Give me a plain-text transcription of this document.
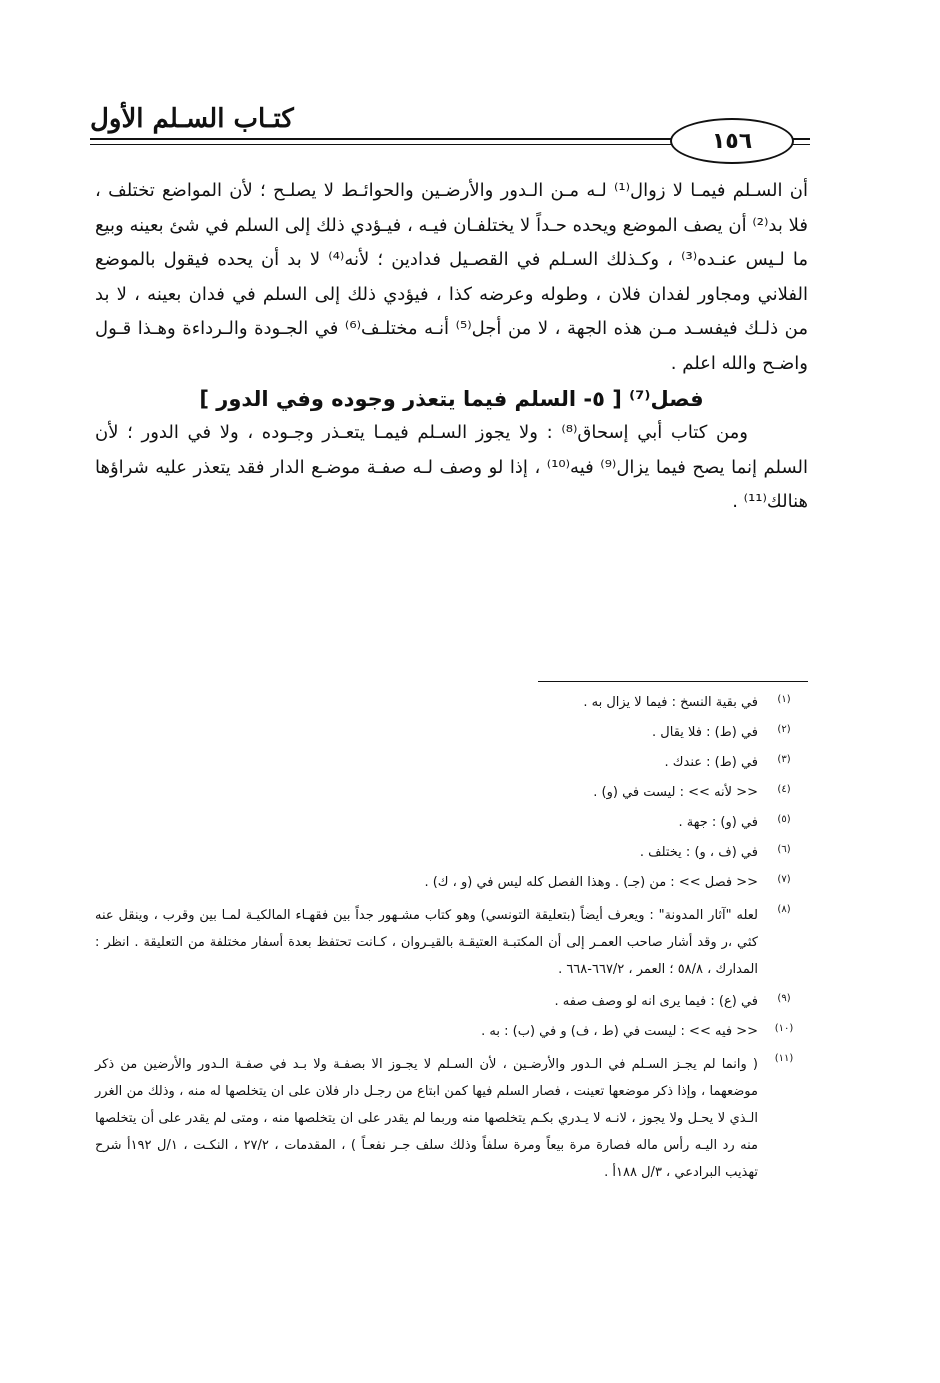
كتـاب السـلم الأول
١٥٦

أن السـلم فيمـا لا زوال⁽¹⁾ لـه مـن الـدور والأرضـين والحوائـط لا يصلـح ؛ لأن المواضع تختلف ، فلا بد⁽²⁾ أن يصف الموضع ويحده حـداً لا يختلفـان فيـه ، فيـؤدي ذلك إلى السلم في شئ بعينه وبيع ما لـيس عنـده⁽³⁾ ، وكـذلك السـلم في القصـيل فدادين ؛ لأنه⁽⁴⁾ لا بد أن يحده فيقول بالموضع الفلاني ومجاور لفدان فلان ، وطوله وعرضه كذا ، فيؤدي ذلك إلى السلم في فدان بعينه ، لا بد من ذلـك فيفسـد مـن هذه الجهة ، لا من أجل⁽⁵⁾ أنـه مختلـف⁽⁶⁾ في الجـودة والـرداءة وهـذا قـول واضـح والله اعلم .

فصل⁽⁷⁾ [ ٥- السلم فيما يتعذر وجوده وفي الدور ]

ومن كتاب أبي إسحاق⁽⁸⁾ : ولا يجوز السـلم فيمـا يتعـذر وجـوده ، ولا في الدور ؛ لأن السلم إنما يصح فيما يزال⁽⁹⁾ فيه⁽¹⁰⁾ ، إذا لو وصف لـه صفـة موضـع الدار فقد يتعذر عليه شراؤها هنالك⁽¹¹⁾ .

(١)
في بقية النسخ : فيما لا يزال به .
(٢)
في (ط) : فلا يقال .
(٣)
في (ط) : عندك .
(٤)
<< لأنه >> : ليست في (و) .
(٥)
في (و) : جهة .
(٦)
في (ف ، و) : يختلف .
(٧)
<< فصل >> : من (جـ) . وهذا الفصل كله ليس في (و ، ك) .
(٨)
لعله "آثار المدونة" : ويعرف أيضاً (بتعليقة التونسي) وهو كتاب مشـهور جداً بين فقهـاء المالكيـة لمـا بين وقرب ، وينقل عنه كثي ،ر وقد أشار صاحب العمـر إلى أن المكتبـة العتيقـة بالقيـروان ، كـانت تحتفظ بعدة أسفار مختلفة من التعليقة . انظر : المدارك ، ٥٨/٨ ؛ العمر ، ٦٦٧/٢-٦٦٨ .
(٩)
في (ع) : فيما يرى انه لو وصف صفه .
(١٠)
<< فيه >> : ليست في (ط ، ف) و في (ب) : به .
(١١)
( وانما لم يجـز السـلم في الـدور والأرضـين ، لأن السـلم لا يجـوز الا بصفـة ولا بـد في صفـة الـدور والأرضين من ذكر موضعهما ، وإذا ذكر موضعها تعينت ، فصار السلم فيها كمن ابتاع من رجـل دار فلان على ان يتخلصها له منه ، وذلك من الغرر الـذي لا يحـل ولا يجوز ، لانـه لا يـدري بكـم يتخلصها منه وربما لم يقدر على ان يتخلصها منه ، ومتى لم يقدر على أن يتخلصها منه رد اليـه رأس ماله فصارة مرة بيعاً ومرة سلفاً وذلك سلف جـر نفعـاً ) ، المقدمات ، ٢٧/٢ ، النكـت ، ١/ل ١٩٢أ شرح تهذيب البرادعي ، ٣/ل ١٨٨أ .
